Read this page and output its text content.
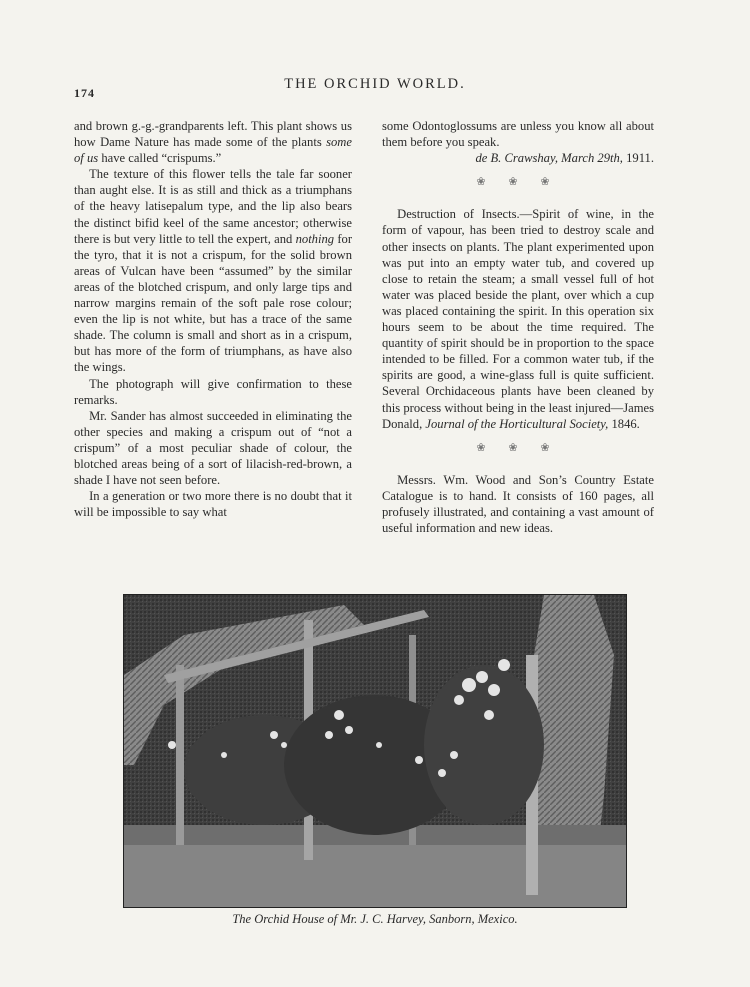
174
THE ORCHID WORLD.

and brown g.-g.-grandparents left. This plant shows us how Dame Nature has made some of the plants some of us have called “crispums.”

The texture of this flower tells the tale far sooner than aught else. It is as still and thick as a triumphans of the heavy latisepalum type, and the lip also bears the distinct bifid keel of the same ancestor; otherwise there is but very little to tell the expert, and nothing for the tyro, that it is not a crispum, for the solid brown areas of Vulcan have been “assumed” by the similar areas of the blotched crispum, and only large tips and narrow margins remain of the soft pale rose colour; even the lip is not white, but has a trace of the same shade. The column is small and short as in a crispum, but has more of the form of triumphans, as have also the wings.

The photograph will give confirmation to these remarks.

Mr. Sander has almost succeeded in eliminating the other species and making a crispum out of “not a crispum” of a most peculiar shade of colour, the blotched areas being of a sort of lilacish-red-brown, a shade I have not seen before.

In a generation or two more there is no doubt that it will be impossible to say what

some Odontoglossums are unless you know all about them before you speak.

de B. Crawshay, March 29th, 1911.

❀ ❀ ❀

Destruction of Insects.—Spirit of wine, in the form of vapour, has been tried to destroy scale and other insects on plants. The plant experimented upon was put into an empty water tub, and covered up close to retain the steam; a small vessel full of hot water was placed beside the plant, over which a cup was placed containing the spirit. In this operation six hours seem to be about the time required. The quantity of spirit should be in proportion to the space intended to be filled. For a common water tub, if the spirits are good, a wine-glass full is quite sufficient. Several Orchidaceous plants have been cleaned by this process without being in the least injured—James Donald, Journal of the Horticultural Society, 1846.

❀ ❀ ❀

Messrs. Wm. Wood and Son’s Country Estate Catalogue is to hand. It consists of 160 pages, all profusely illustrated, and containing a vast amount of useful information and new ideas.

The Orchid House of Mr. J. C. Harvey, Sanborn, Mexico.
